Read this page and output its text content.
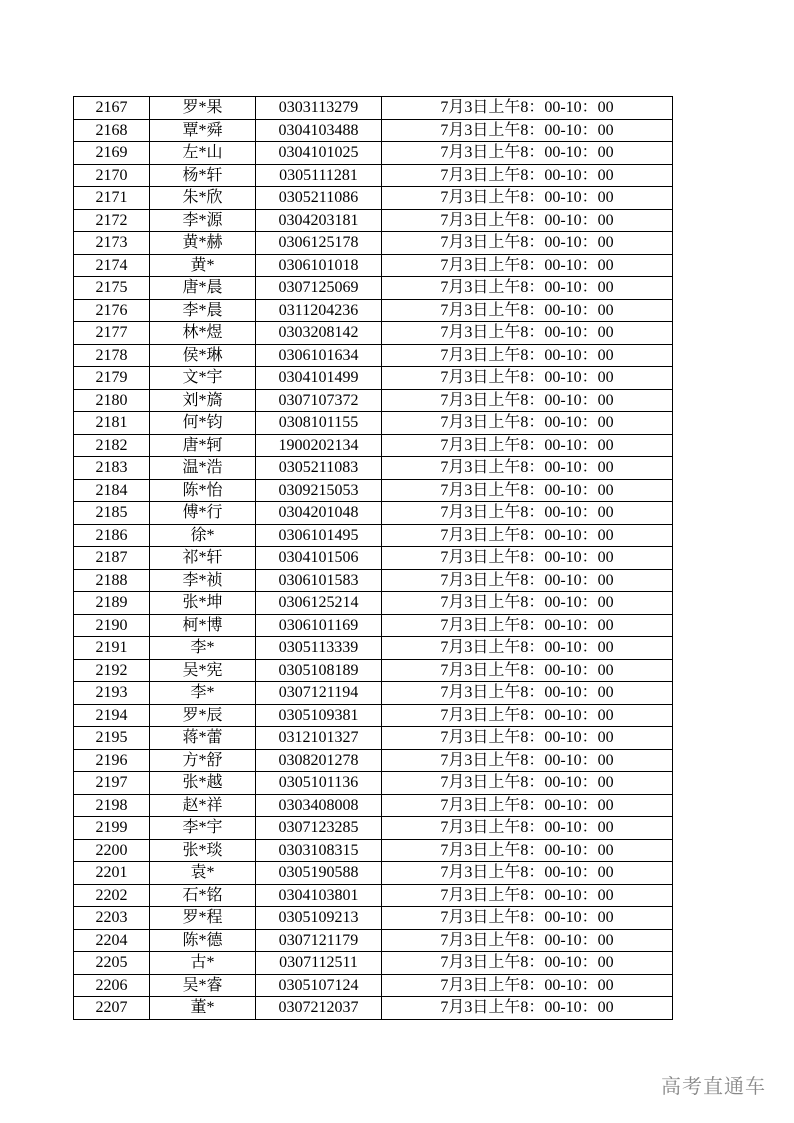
2167	罗*果	0303113279	7月3日上午8：00-10：00
2168	覃*舜	0304103488	7月3日上午8：00-10：00
2169	左*山	0304101025	7月3日上午8：00-10：00
2170	杨*轩	0305111281	7月3日上午8：00-10：00
2171	朱*欣	0305211086	7月3日上午8：00-10：00
2172	李*源	0304203181	7月3日上午8：00-10：00
2173	黄*赫	0306125178	7月3日上午8：00-10：00
2174	黄*	0306101018	7月3日上午8：00-10：00
2175	唐*晨	0307125069	7月3日上午8：00-10：00
2176	李*晨	0311204236	7月3日上午8：00-10：00
2177	林*煜	0303208142	7月3日上午8：00-10：00
2178	侯*琳	0306101634	7月3日上午8：00-10：00
2179	文*宇	0304101499	7月3日上午8：00-10：00
2180	刘*旖	0307107372	7月3日上午8：00-10：00
2181	何*钧	0308101155	7月3日上午8：00-10：00
2182	唐*轲	1900202134	7月3日上午8：00-10：00
2183	温*浩	0305211083	7月3日上午8：00-10：00
2184	陈*怡	0309215053	7月3日上午8：00-10：00
2185	傅*行	0304201048	7月3日上午8：00-10：00
2186	徐*	0306101495	7月3日上午8：00-10：00
2187	祁*轩	0304101506	7月3日上午8：00-10：00
2188	李*祯	0306101583	7月3日上午8：00-10：00
2189	张*坤	0306125214	7月3日上午8：00-10：00
2190	柯*博	0306101169	7月3日上午8：00-10：00
2191	李*	0305113339	7月3日上午8：00-10：00
2192	吴*宪	0305108189	7月3日上午8：00-10：00
2193	李*	0307121194	7月3日上午8：00-10：00
2194	罗*辰	0305109381	7月3日上午8：00-10：00
2195	蒋*蕾	0312101327	7月3日上午8：00-10：00
2196	方*舒	0308201278	7月3日上午8：00-10：00
2197	张*越	0305101136	7月3日上午8：00-10：00
2198	赵*祥	0303408008	7月3日上午8：00-10：00
2199	李*宇	0307123285	7月3日上午8：00-10：00
2200	张*琰	0303108315	7月3日上午8：00-10：00
2201	袁*	0305190588	7月3日上午8：00-10：00
2202	石*铭	0304103801	7月3日上午8：00-10：00
2203	罗*程	0305109213	7月3日上午8：00-10：00
2204	陈*德	0307121179	7月3日上午8：00-10：00
2205	古*	0307112511	7月3日上午8：00-10：00
2206	吴*睿	0305107124	7月3日上午8：00-10：00
2207	董*	0307212037	7月3日上午8：00-10：00
高考直通车
